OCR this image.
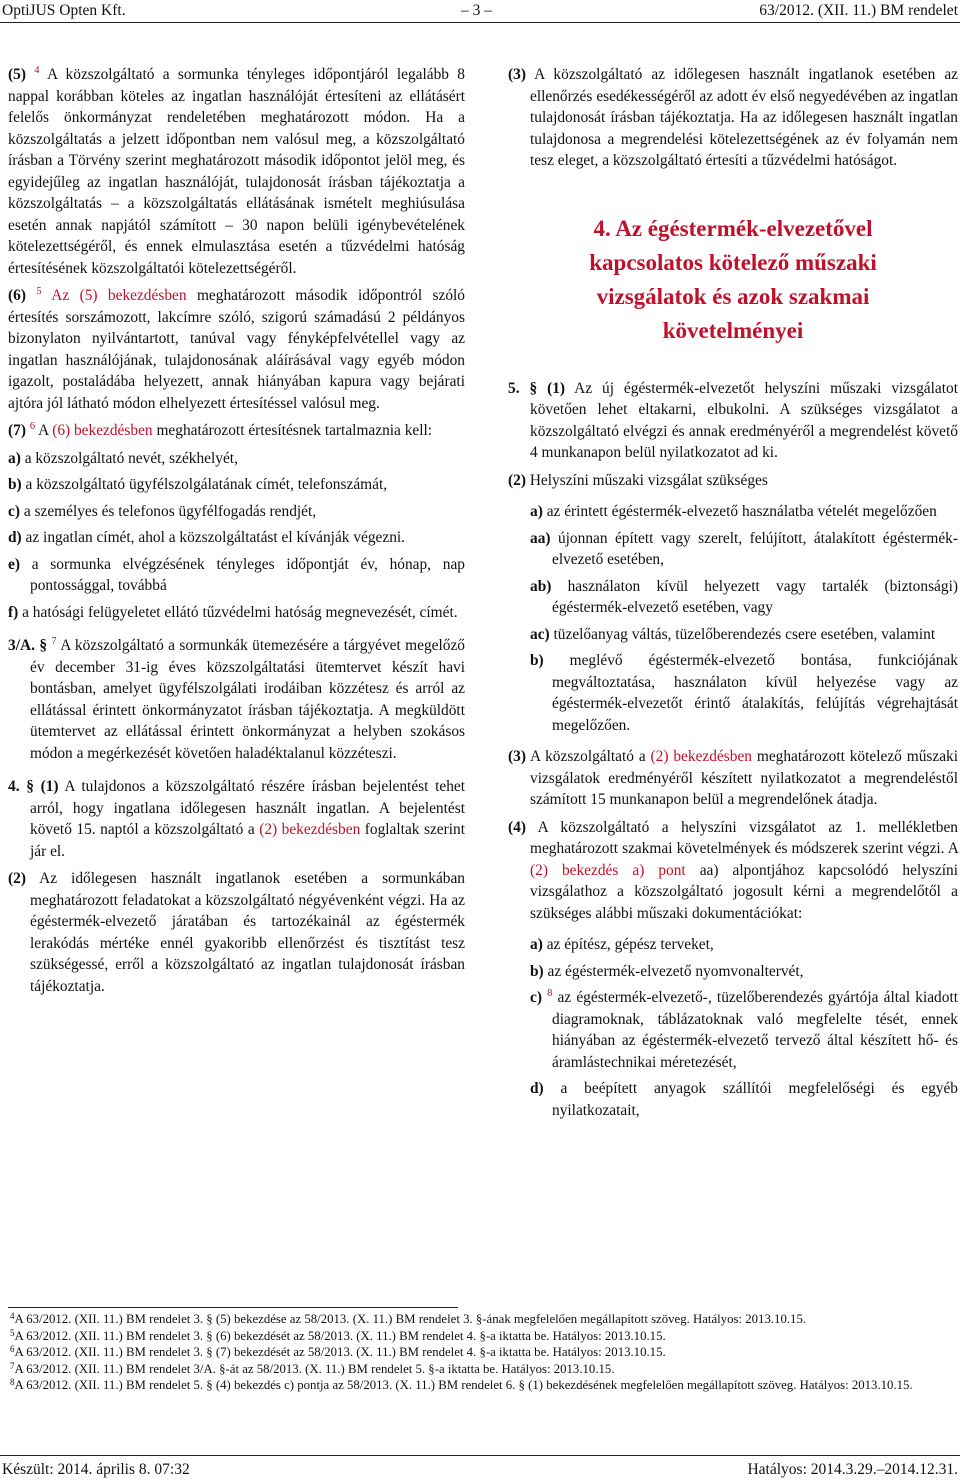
OptiJUS Opten Kft.	– 3 –	63/2012. (XII. 11.) BM rendelet

(5) $^4$ A közszolgáltató a sormunka tényleges időpontjáról legalább 8 nappal korábban köteles az ingatlan használóját értesíteni az ellátásért felelős önkormányzat rendeletében meghatározott módon. Ha a közszolgáltatás a jelzett időpontban nem valósul meg, a közszolgáltató írásban a Törvény szerint meghatározott második időpontot jelöl meg, és egyidejűleg az ingatlan használóját, tulajdonosát írásban tájékoztatja a közszolgáltatás – a közszolgáltatás ellátásának ismételt meghiúsulása esetén annak napjától számított – 30 napon belüli igénybevételének kötelezettségéről, és ennek elmulasztása esetén a tűzvédelmi hatóság értesítésének közszolgáltatói kötelezettségéről.

(6) $^5$ Az (5) bekezdésben meghatározott második időpontról szóló értesítés sorszámozott, lakcímre szóló, szigorú számadású 2 példányos bizonylaton nyilvántartott, tanúval vagy fényképfelvétellel vagy az ingatlan használójának, tulajdonosának aláírásával vagy egyéb módon igazolt, postaládába helyezett, annak hiányában kapura vagy bejárati ajtóra jól látható módon elhelyezett értesítéssel valósul meg.

(7) $^6$ A (6) bekezdésben meghatározott értesítésnek tartalmaznia kell:

a) a közszolgáltató nevét, székhelyét,
b) a közszolgáltató ügyfélszolgálatának címét, telefonszámát,
c) a személyes és telefonos ügyfélfogadás rendjét,
d) az ingatlan címét, ahol a közszolgáltatást el kívánják végezni.
e) a sormunka elvégzésének tényleges időpontját év, hónap, nap pontossággal, továbbá
f) a hatósági felügyeletet ellátó tűzvédelmi hatóság megnevezését, címét.

3/A. § $^7$ A közszolgáltató a sormunkák ütemezésére a tárgyévet megelőző év december 31-ig éves közszolgáltatási ütemtervet készít havi bontásban, amelyet ügyfélszolgálati irodáiban közzétesz és arról az ellátással érintett önkormányzatot írásban tájékoztatja. A megküldött ütemtervet az ellátással érintett önkormányzat a helyben szokásos módon a megérkezését követően haladéktalanul közzéteszi.

4. § (1) A tulajdonos a közszolgáltató részére írásban bejelentést tehet arról, hogy ingatlana időlegesen használt ingatlan. A bejelentést követő 15. naptól a közszolgáltató a (2) bekezdésben foglaltak szerint jár el.

(2) Az időlegesen használt ingatlanok esetében a sormunkában meghatározott feladatokat a közszolgáltató négyévenként végzi. Ha az égéstermék-elvezető járatában és tartozékainál az égéstermék lerakódás mértéke ennél gyakoribb ellenőrzést és tisztítást tesz szükségessé, erről a közszolgáltató az ingatlan tulajdonosát írásban tájékoztatja.

(3) A közszolgáltató az időlegesen használt ingatlanok esetében az ellenőrzés esedékességéről az adott év első negyedévében az ingatlan tulajdonosát írásban tájékoztatja. Ha az időlegesen használt ingatlan tulajdonosa a megrendelési kötelezettségének az év folyamán nem tesz eleget, a közszolgáltató értesíti a tűzvédelmi hatóságot.

4. Az égéstermék-elvezetővel kapcsolatos kötelező műszaki vizsgálatok és azok szakmai követelményei

5. § (1) Az új égéstermék-elvezetőt helyszíni műszaki vizsgálatot követően lehet eltakarni, elbukolni. A szükséges vizsgálatot a közszolgáltató elvégzi és annak eredményéről a megrendelést követő 4 munkanapon belül nyilatkozatot ad ki.

(2) Helyszíni műszaki vizsgálat szükséges

a) az érintett égéstermék-elvezető használatba vételét megelőzően
aa) újonnan épített vagy szerelt, felújított, átalakított égéstermék-elvezető esetében,
ab) használaton kívül helyezett vagy tartalék (biztonsági) égéstermék-elvezető esetében, vagy
ac) tüzelőanyag váltás, tüzelőberendezés csere esetében, valamint
b) meglévő égéstermék-elvezető bontása, funkciójának megváltoztatása, használaton kívül helyezése vagy az égéstermék-elvezetőt érintő átalakítás, felújítás végrehajtását megelőzően.

(3) A közszolgáltató a (2) bekezdésben meghatározott kötelező műszaki vizsgálatok eredményéről készített nyilatkozatot a megrendeléstől számított 15 munkanapon belül a megrendelőnek átadja.

(4) A közszolgáltató a helyszíni vizsgálatot az 1. mellékletben meghatározott szakmai követelmények és módszerek szerint végzi. A (2) bekezdés a) pont aa) alpontjához kapcsolódó helyszíni vizsgálathoz a közszolgáltató jogosult kérni a megrendelőtől a szükséges alábbi műszaki dokumentációkat:

a) az építész, gépész terveket,
b) az égéstermék-elvezető nyomvonaltervét,
c) $^8$ az égéstermék-elvezető-, tüzelőberendezés gyártója által kiadott diagramoknak, táblázatoknak való megfelelte tését, ennek hiányában az égéstermék-elvezető tervező által készített hő- és áramlástechnikai méretezését,
d) a beépített anyagok szállítói megfelelőségi és egyéb nyilatkozatait,
$^4$A 63/2012. (XII. 11.) BM rendelet 3. § (5) bekezdése az 58/2013. (X. 11.) BM rendelet 3. §-ának megfelelően megállapított szöveg. Hatályos: 2013.10.15.
$^5$A 63/2012. (XII. 11.) BM rendelet 3. § (6) bekezdését az 58/2013. (X. 11.) BM rendelet 4. §-a iktatta be. Hatályos: 2013.10.15.
$^6$A 63/2012. (XII. 11.) BM rendelet 3. § (7) bekezdését az 58/2013. (X. 11.) BM rendelet 4. §-a iktatta be. Hatályos: 2013.10.15.
$^7$A 63/2012. (XII. 11.) BM rendelet 3/A. §-át az 58/2013. (X. 11.) BM rendelet 5. §-a iktatta be. Hatályos: 2013.10.15.
$^8$A 63/2012. (XII. 11.) BM rendelet 5. § (4) bekezdés c) pontja az 58/2013. (X. 11.) BM rendelet 6. § (1) bekezdésének megfelelően megállapított szöveg. Hatályos: 2013.10.15.
Készült: 2014. április 8. 07:32	Hatályos: 2014.3.29.–2014.12.31.
